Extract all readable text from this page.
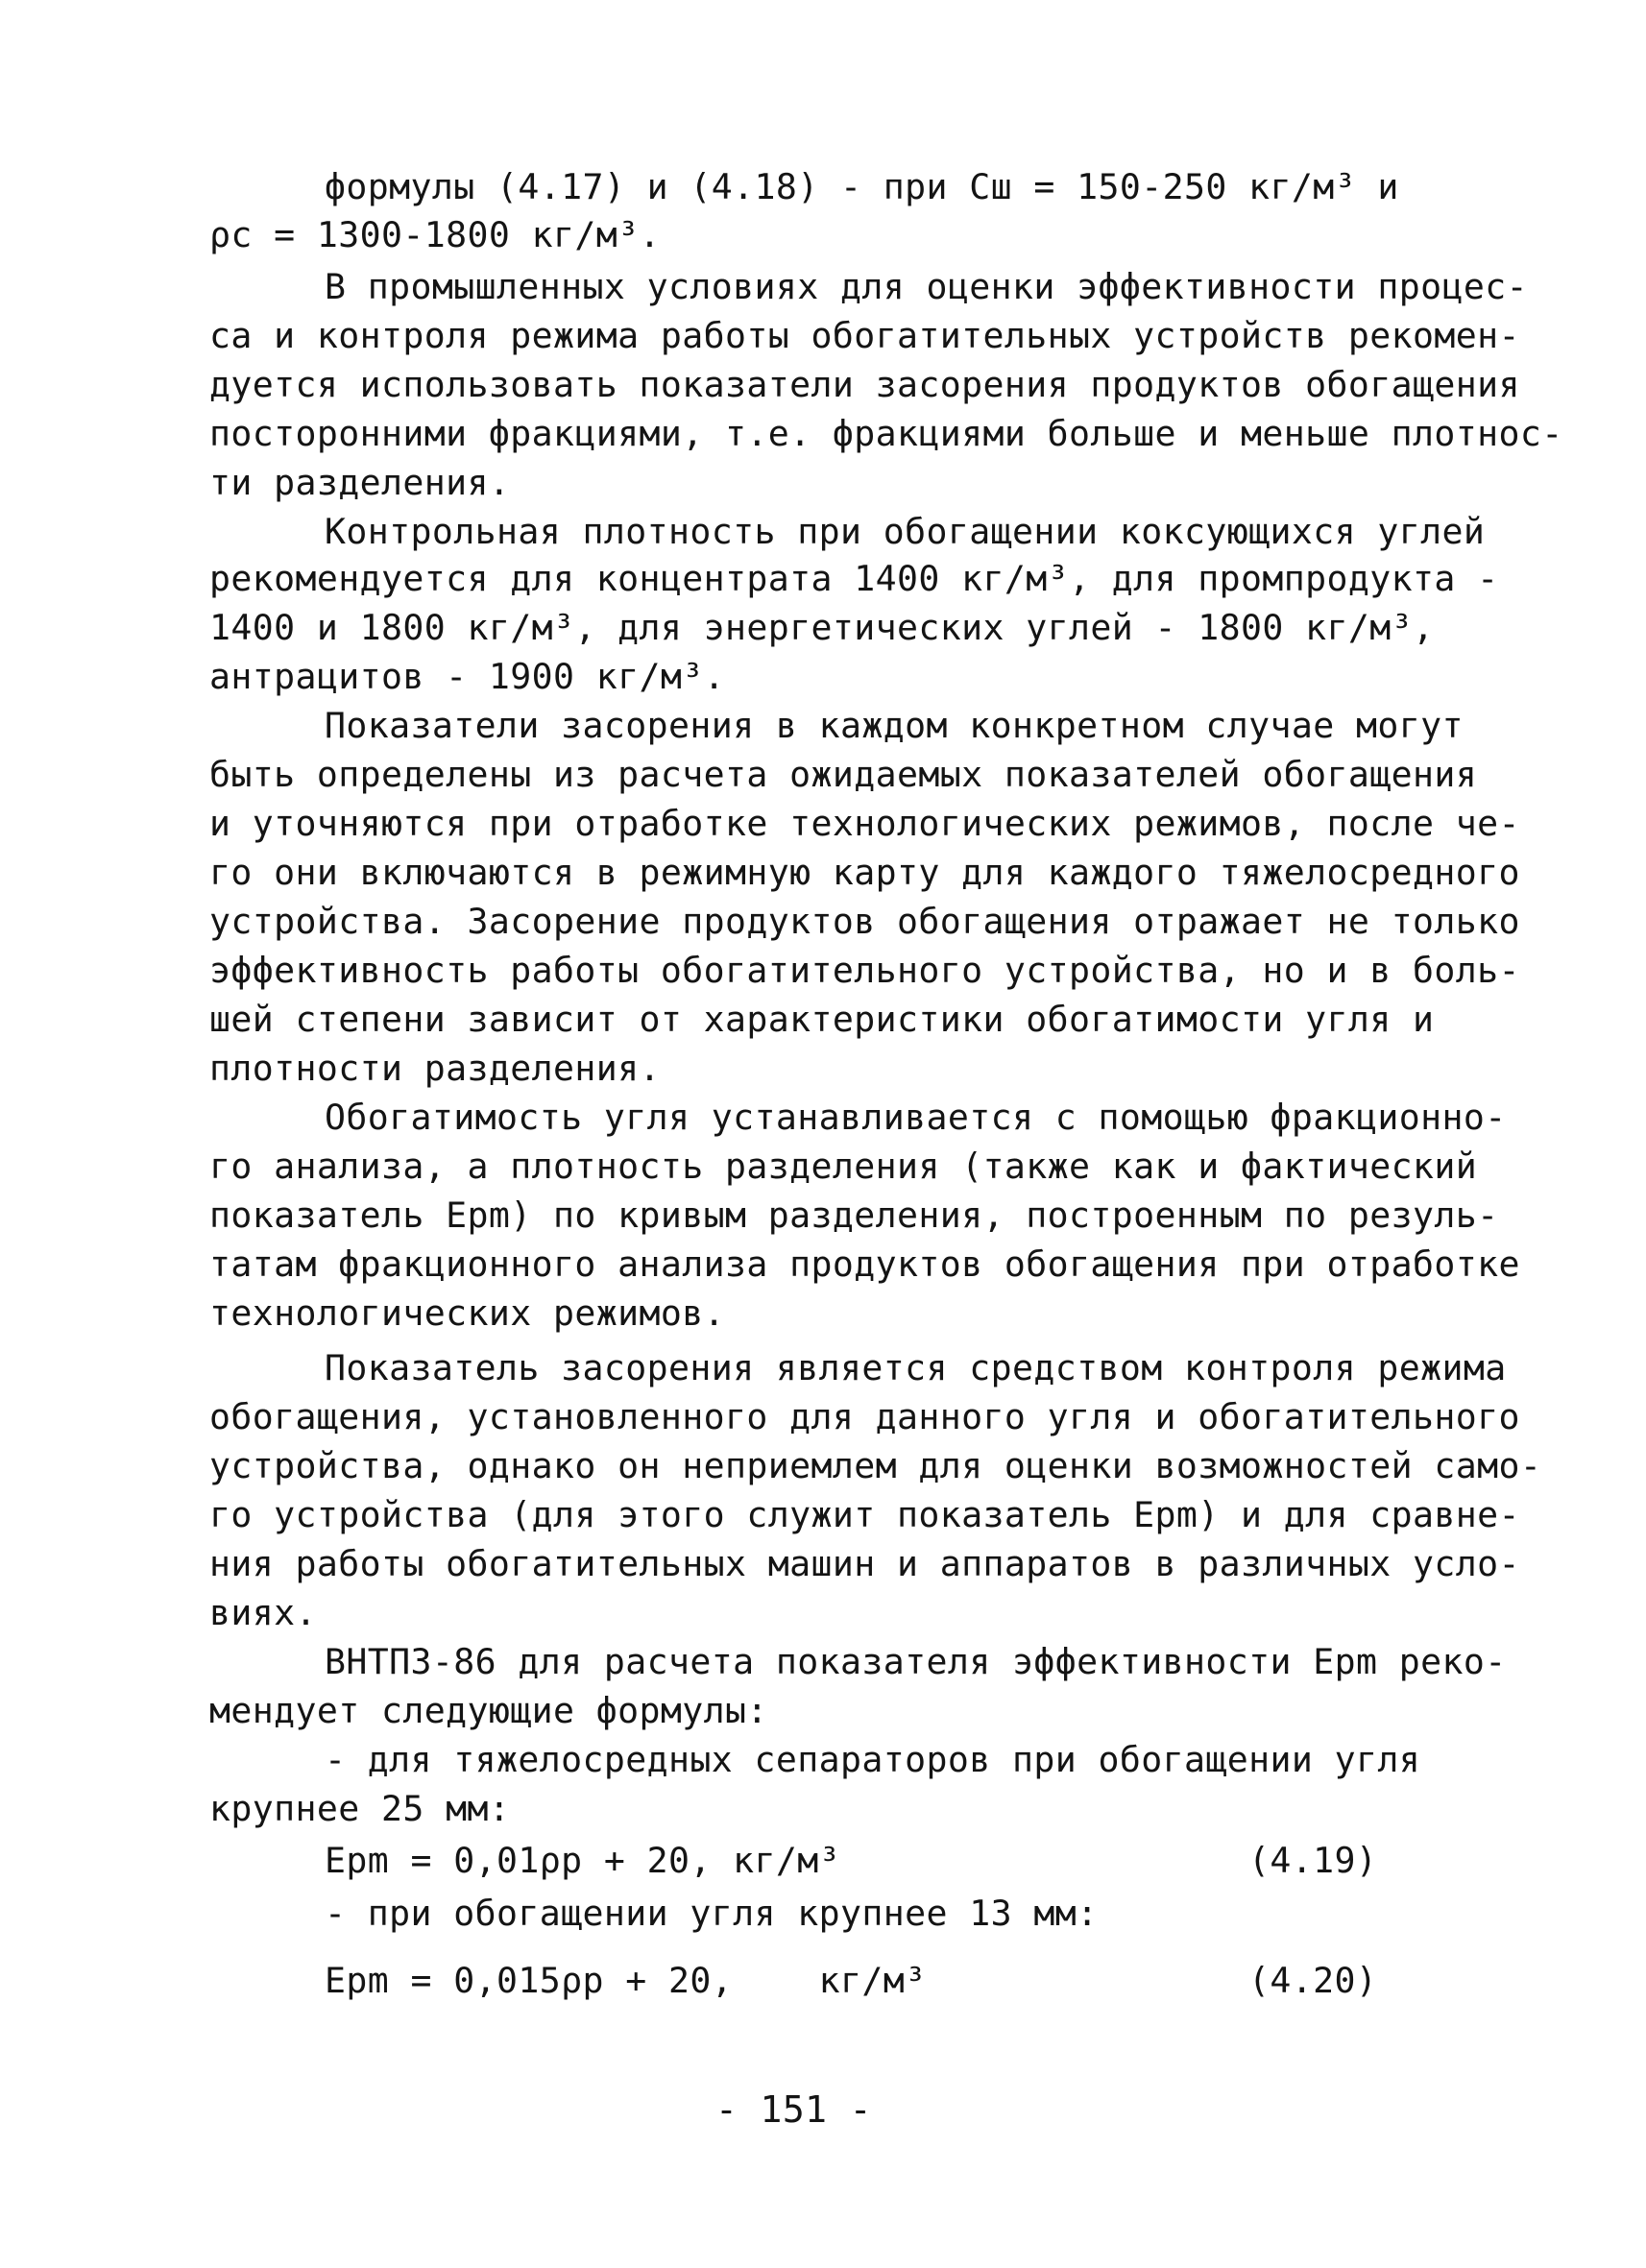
формулы (4.17) и (4.18) - при Cш = 150-250 кг/м³ и

ρc = 1300-1800 кг/м³.

В промышленных условиях для оценки эффективности процес-

са и контроля режима работы обогатительных устройств рекомен-

дуется использовать показатели засорения продуктов обогащения

посторонними фракциями, т.е. фракциями больше и меньше плотнос-

ти разделения.

Контрольная плотность при обогащении коксующихся углей

рекомендуется для концентрата 1400 кг/м³, для промпродукта -

1400 и 1800 кг/м³, для энергетических углей - 1800 кг/м³,

антрацитов - 1900 кг/м³.

Показатели засорения в каждом конкретном случае могут

быть определены из расчета ожидаемых показателей обогащения

и уточняются при отработке технологических режимов, после че-

го они включаются в режимную карту для каждого тяжелосредного

устройства. Засорение продуктов обогащения отражает не только

эффективность работы обогатительного устройства, но и в боль-

шей степени зависит от характеристики обогатимости угля и

плотности разделения.

Обогатимость угля устанавливается с помощью фракционно-

го анализа, а плотность разделения (также как и фактический

показатель Epm) по кривым разделения, построенным по резуль-

татам фракционного анализа продуктов обогащения при отработке

технологических режимов.

Показатель засорения является средством контроля режима

обогащения, установленного для данного угля и обогатительного

устройства, однако он неприемлем для оценки возможностей само-

го устройства (для этого служит показатель Epm) и для сравне-

ния работы обогатительных машин и аппаратов в различных усло-

виях.

ВНТПЗ-86 для расчета показателя эффективности Epm реко-

мендует следующие формулы:

- для тяжелосредных сепараторов при обогащении угля

крупнее 25 мм:

Epm = 0,01ρp + 20, кг/м³	(4.19)

- при обогащении угля крупнее 13 мм:

Epm = 0,015ρp + 20,    кг/м³	(4.20)

- 151 -
